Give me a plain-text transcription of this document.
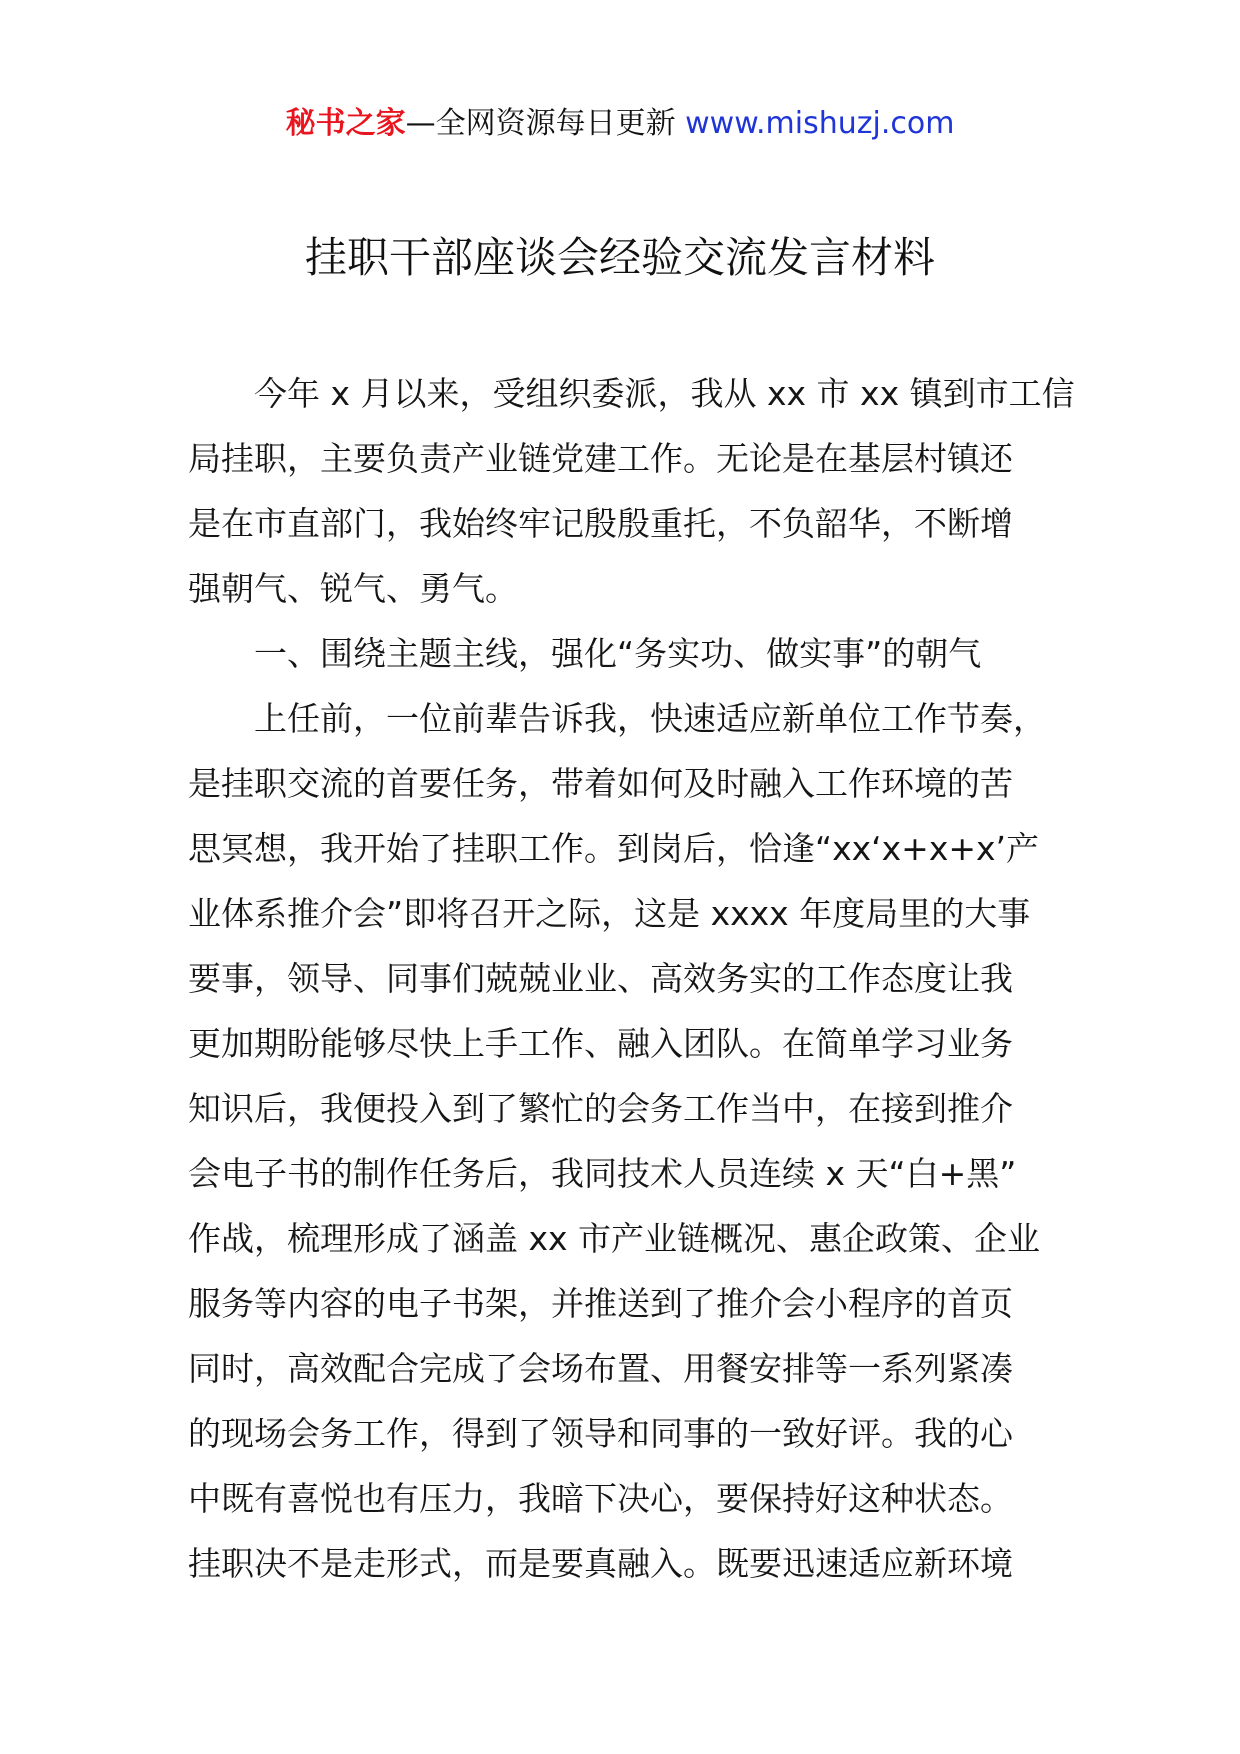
秘书之家—全网资源每日更新 www.mishuzj.com
挂职干部座谈会经验交流发言材料
今年 x 月以来，受组织委派，我从 xx 市 xx 镇到市工信
局挂职，主要负责产业链党建工作。无论是在基层村镇还
是在市直部门，我始终牢记殷殷重托，不负韶华，不断增
强朝气、锐气、勇气。
一、围绕主题主线，强化“务实功、做实事”的朝气
上任前，一位前辈告诉我，快速适应新单位工作节奏，
是挂职交流的首要任务，带着如何及时融入工作环境的苦
思冥想，我开始了挂职工作。到岗后，恰逢“xx‘x+x+x’产
业体系推介会”即将召开之际，这是 xxxx 年度局里的大事
要事，领导、同事们兢兢业业、高效务实的工作态度让我
更加期盼能够尽快上手工作、融入团队。在简单学习业务
知识后，我便投入到了繁忙的会务工作当中，在接到推介
会电子书的制作任务后，我同技术人员连续 x 天“白+黑”
作战，梳理形成了涵盖 xx 市产业链概况、惠企政策、企业
服务等内容的电子书架，并推送到了推介会小程序的首页
同时，高效配合完成了会场布置、用餐安排等一系列紧凑
的现场会务工作，得到了领导和同事的一致好评。我的心
中既有喜悦也有压力，我暗下决心，要保持好这种状态。
挂职决不是走形式，而是要真融入。既要迅速适应新环境
